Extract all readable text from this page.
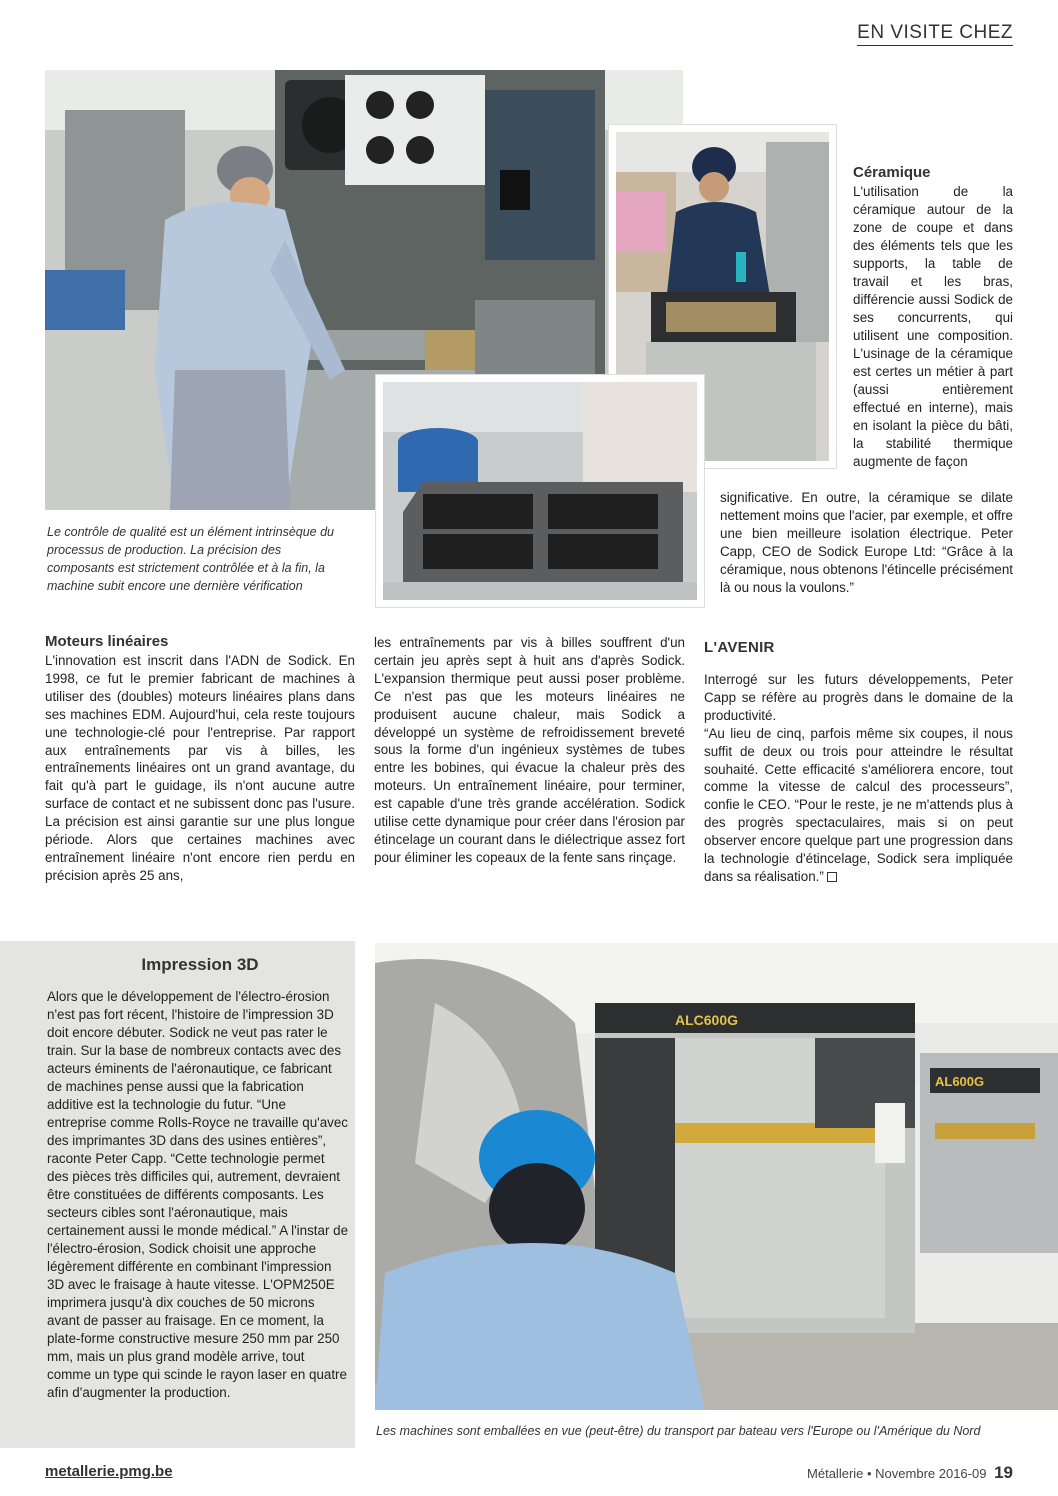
EN VISITE CHEZ
Le contrôle de qualité est un élément intrinsèque du processus de production. La précision des composants est strictement contrôlée et à la fin, la machine subit encore une dernière vérification
Céramique
L'utilisation de la céramique autour de la zone de coupe et dans des éléments tels que les supports, la table de travail et les bras, différencie aussi Sodick de ses concurrents, qui utilisent une composition. L'usinage de la céramique est certes un métier à part (aussi entièrement effectué en interne), mais en isolant la pièce du bâti, la stabilité thermique augmente de façon
significative. En outre, la céramique se dilate nettement moins que l'acier, par exemple, et offre une bien meilleure isolation électrique. Peter Capp, CEO de Sodick Europe Ltd: “Grâce à la céramique, nous obtenons l'étincelle précisément là ou nous la voulons.”
Moteurs linéaires
L'innovation est inscrit dans l'ADN de Sodick. En 1998, ce fut le premier fabricant de machines à utiliser des (doubles) moteurs linéaires plans dans ses machines EDM. Aujourd'hui, cela reste toujours une technologie-clé pour l'entreprise. Par rapport aux entraînements par vis à billes, les entraînements linéaires ont un grand avantage, du fait qu'à part le guidage, ils n'ont aucune autre surface de contact et ne subissent donc pas l'usure. La précision est ainsi garantie sur une plus longue période. Alors que certaines machines avec entraînement linéaire n'ont encore rien perdu en précision après 25 ans,
les entraînements par vis à billes souffrent d'un certain jeu après sept à huit ans d'après Sodick. L'expansion thermique peut aussi poser problème. Ce n'est pas que les moteurs linéaires ne produisent aucune chaleur, mais Sodick a développé un système de refroidissement breveté sous la forme d'un ingénieux systèmes de tubes entre les bobines, qui évacue la chaleur près des moteurs. Un entraînement linéaire, pour terminer, est capable d'une très grande accélération. Sodick utilise cette dynamique pour créer dans l'érosion par étincelage un courant dans le diélectrique assez fort pour éliminer les copeaux de la fente sans rinçage.
L'AVENIR

Interrogé sur les futurs développements, Peter Capp se réfère au progrès dans le domaine de la productivité.

“Au lieu de cinq, parfois même six coupes, il nous suffit de deux ou trois pour atteindre le résultat souhaité. Cette efficacité s'améliorera encore, tout comme la vitesse de calcul des processeurs”, confie le CEO. “Pour le reste, je ne m'attends plus à des progrès spectaculaires, mais si on peut observer encore quelque part une progression dans la technologie d'étincelage, Sodick sera impliquée dans sa réalisation.”

Impression 3D
Alors que le développement de l'électro-érosion n'est pas fort récent, l'histoire de l'impression 3D doit encore débuter. Sodick ne veut pas rater le train. Sur la base de nombreux contacts avec des acteurs éminents de l'aéronautique, ce fabricant de machines pense aussi que la fabrication additive est la technologie du futur. “Une entreprise comme Rolls-Royce ne travaille qu'avec des imprimantes 3D dans des usines entières”, raconte Peter Capp. “Cette technologie permet des pièces très difficiles qui, autrement, devraient être constituées de différents composants. Les secteurs cibles sont l'aéronautique, mais certainement aussi le monde médical.” A l'instar de l'électro-érosion, Sodick choisit une approche légèrement différente en combinant l'impression 3D avec le fraisage à haute vitesse. L'OPM250E imprimera jusqu'à dix couches de 50 microns avant de passer au fraisage. En ce moment, la plate-forme constructive mesure 250 mm par 250 mm, mais un plus grand modèle arrive, tout comme un type qui scinde le rayon laser en quatre afin d'augmenter la production.
AL600G
ALC600G
Les machines sont emballées en vue (peut-être) du transport par bateau vers l'Europe ou l'Amérique du Nord
metallerie.pmg.be	Métallerie • Novembre 2016-09 19
